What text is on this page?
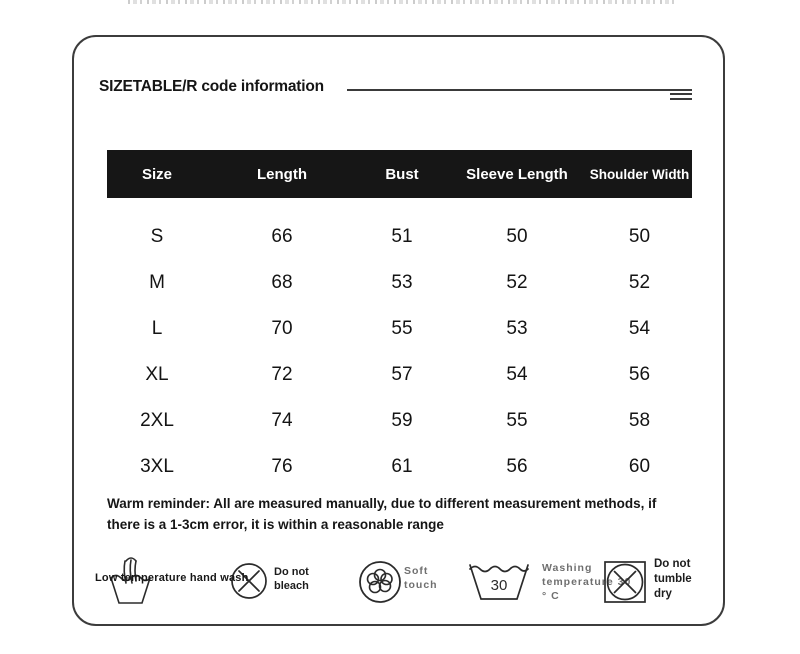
SIZETABLE/R code information
Size	Length	Bust	Sleeve Length	Shoulder Width
S	66	51	50	50
M	68	53	52	52
L	70	55	53	54
XL	72	57	54	56
2XL	74	59	55	58
3XL	76	61	56	60
Warm reminder: All are measured manually, due to different measurement methods, if
there is a 1-3cm error, it is within a reasonable range
Low temperature hand wash Do not
bleach
Soft
touch	30
Washing
temperature 30
° C
Do not
tumble
dry
